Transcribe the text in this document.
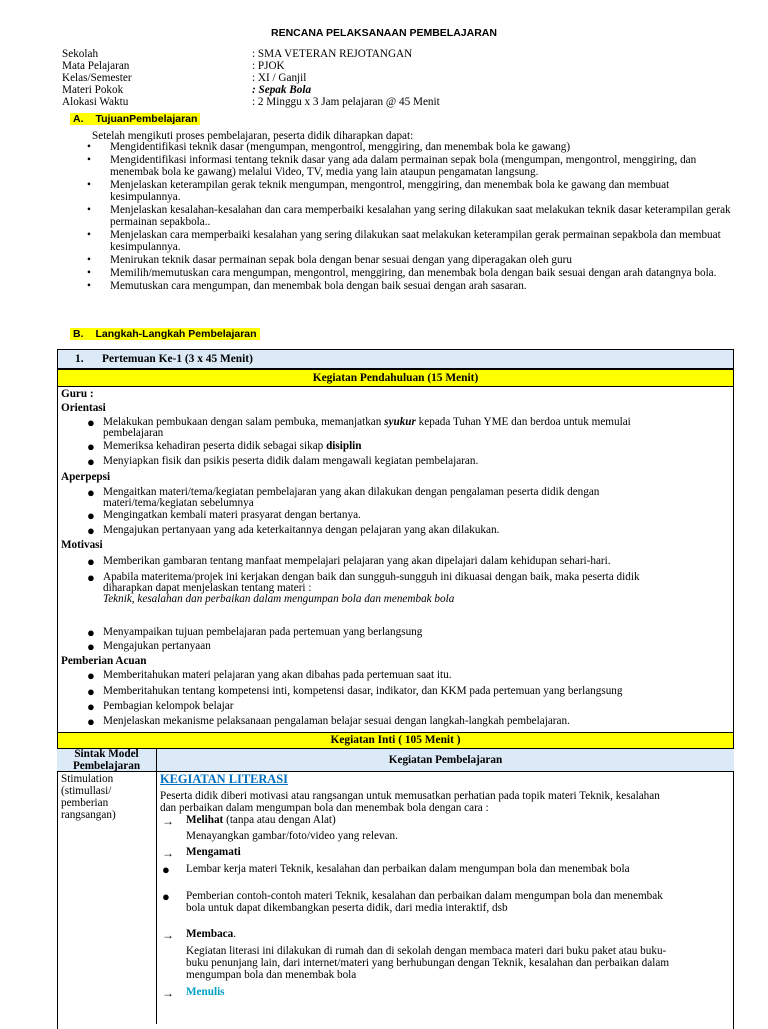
RENCANA PELAKSANAAN PEMBELAJARAN
Sekolah	: SMA VETERAN REJOTANGAN
Mata Pelajaran	: PJOK
Kelas/Semester	: XI / Ganjil
Materi Pokok	: Sepak Bola
Alokasi Waktu	: 2 Minggu x 3 Jam pelajaran @ 45 Menit
A. TujuanPembelajaran
Setelah mengikuti proses pembelajaran, peserta didik diharapkan dapat:
• Mengidentifikasi teknik dasar (mengumpan, mengontrol, menggiring, dan menembak bola ke gawang)
• Mengidentifikasi informasi tentang teknik dasar yang ada dalam permainan sepak bola (mengumpan, mengontrol, menggiring, dan menembak bola ke gawang) melalui Video, TV, media yang lain ataupun pengamatan langsung.
• Menjelaskan keterampilan gerak teknik mengumpan, mengontrol, menggiring, dan menembak bola ke gawang dan membuat kesimpulannya.
• Menjelaskan kesalahan-kesalahan dan cara memperbaiki kesalahan yang sering dilakukan saat melakukan teknik dasar keterampilan gerak permainan sepakbola..
• Menjelaskan cara memperbaiki kesalahan yang sering dilakukan saat melakukan keterampilan gerak permainan sepakbola dan membuat kesimpulannya.
• Menirukan teknik dasar permainan sepak bola dengan benar sesuai dengan yang diperagakan oleh guru
• Memilih/memutuskan cara mengumpan, mengontrol, menggiring, dan menembak bola dengan baik sesuai dengan arah datangnya bola.
• Memutuskan cara mengumpan, dan menembak bola dengan baik sesuai dengan arah sasaran.
B. Langkah-Langkah Pembelajaran
1. Pertemuan Ke-1 (3 x 45 Menit)
Kegiatan Pendahuluan (15 Menit)
Guru :
Orientasi
● Melakukan pembukaan dengan salam pembuka, memanjatkan syukur kepada Tuhan YME dan berdoa untuk memulai
pembelajaran
● Memeriksa kehadiran peserta didik sebagai sikap disiplin
● Menyiapkan fisik dan psikis peserta didik dalam mengawali kegiatan pembelajaran.
Aperpepsi
● Mengaitkan materi/tema/kegiatan pembelajaran yang akan dilakukan dengan pengalaman peserta didik dengan
materi/tema/kegiatan sebelumnya
● Mengingatkan kembali materi prasyarat dengan bertanya.
● Mengajukan pertanyaan yang ada keterkaitannya dengan pelajaran yang akan dilakukan.
Motivasi
● Memberikan gambaran tentang manfaat mempelajari pelajaran yang akan dipelajari dalam kehidupan sehari-hari.
● Apabila materitema/projek ini kerjakan dengan baik dan sungguh-sungguh ini dikuasai dengan baik, maka peserta didik
diharapkan dapat menjelaskan tentang materi :
Teknik, kesalahan dan perbaikan dalam mengumpan bola dan menembak bola
● Menyampaikan tujuan pembelajaran pada pertemuan yang berlangsung
● Mengajukan pertanyaan
Pemberian Acuan
● Memberitahukan materi pelajaran yang akan dibahas pada pertemuan saat itu.
● Memberitahukan tentang kompetensi inti, kompetensi dasar, indikator, dan KKM pada pertemuan yang berlangsung
● Pembagian kelompok belajar
● Menjelaskan mekanisme pelaksanaan pengalaman belajar sesuai dengan langkah-langkah pembelajaran.
Kegiatan Inti ( 105 Menit )
Sintak Model
Pembelajaran	Kegiatan Pembelajaran
Stimulation
(stimullasi/
pemberian
rangsangan)
KEGIATAN LITERASI
Peserta didik diberi motivasi atau rangsangan untuk memusatkan perhatian pada topik materi Teknik, kesalahan
dan perbaikan dalam mengumpan bola dan menembak bola dengan cara :
→ Melihat (tanpa atau dengan Alat)
Menayangkan gambar/foto/video yang relevan.
→ Mengamati
● Lembar kerja materi Teknik, kesalahan dan perbaikan dalam mengumpan bola dan menembak bola
● Pemberian contoh-contoh materi Teknik, kesalahan dan perbaikan dalam mengumpan bola dan menembak
bola untuk dapat dikembangkan peserta didik, dari media interaktif, dsb
→ Membaca.
Kegiatan literasi ini dilakukan di rumah dan di sekolah dengan membaca materi dari buku paket atau buku-
buku penunjang lain, dari internet/materi yang berhubungan dengan Teknik, kesalahan dan perbaikan dalam
mengumpan bola dan menembak bola
→ Menulis
